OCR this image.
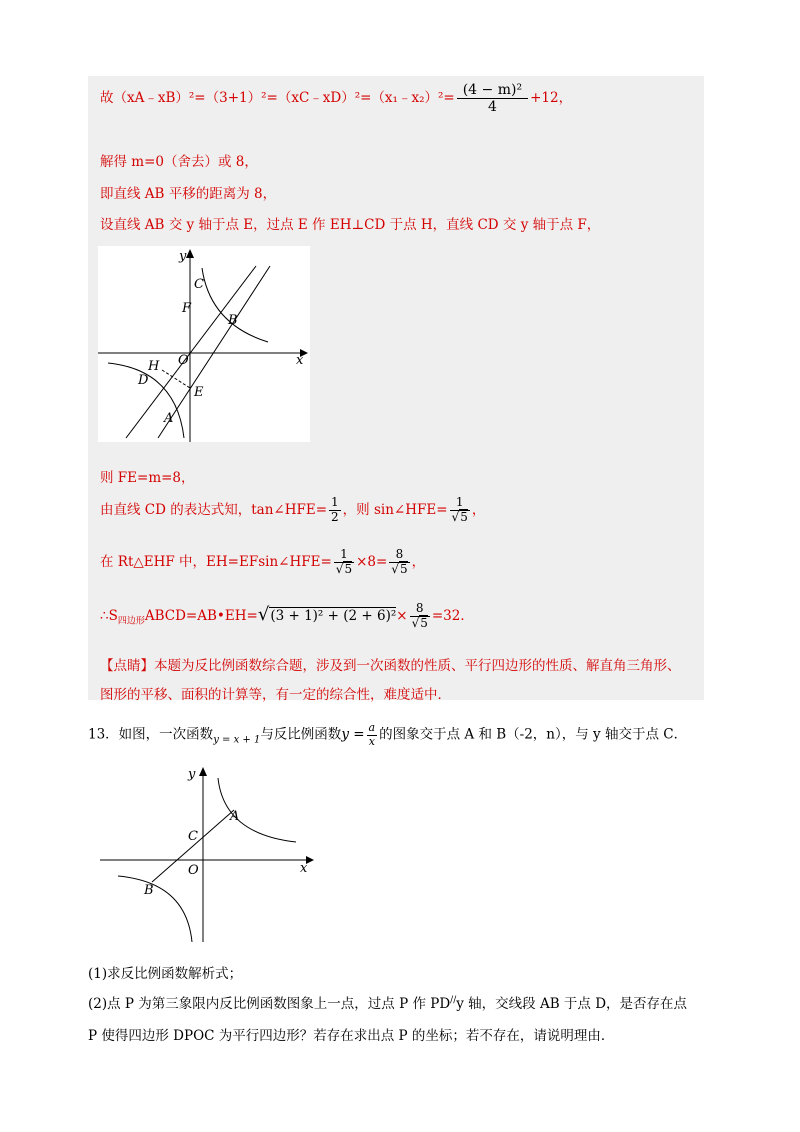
故（xA﹣xB）²=（3+1）²=（xC﹣xD）²=（x₁﹣x₂）²= $\frac{\text{(4 − m)²}}{4} +12$，
解得 m=0（舍去）或 8，
即直线 AB 平移的距离为 8，
设直线 AB 交 y 轴于点 E，过点 E 作 EH⊥CD 于点 H，直线 CD 交 y 轴于点 F，
y
x
C
F
B
O
H
D
E
A
则 FE=m=8，
由直线 CD 的表达式知，tan∠HFE= $\frac{1}{2}$ ，则 sin∠HFE= $\frac{1}{√5}$ ，
在 Rt△EHF 中，EH=EFsin∠HFE= $\frac{1}{√5} \times 8= \frac{8}{√5}$ ，
$\therefore S_{四边形}ABCD=AB•EH=√(3 + 1)^2 + (2 + 6)^2\times \frac{8}{√5} =32$．
【点睛】本题为反比例函数综合题，涉及到一次函数的性质、平行四边形的性质、解直角三角形、
图形的平移、面积的计算等，有一定的综合性，难度适中．
13．如图，一次函数$_{y = x + 1}$与反比例函数$y = \frac{a}{x}$ 的图象交于点 A 和 B（-2，n），与 y 轴交于点 C．
y
x
A
C
O
B
(1)求反比例函数解析式；
(2)点 P 为第三象限内反比例函数图象上一点，过点 P 作 PD//y 轴，交线段 AB 于点 D，是否存在点
P 使得四边形 DPOC 为平行四边形？若存在求出点 P 的坐标；若不存在，请说明理由．
